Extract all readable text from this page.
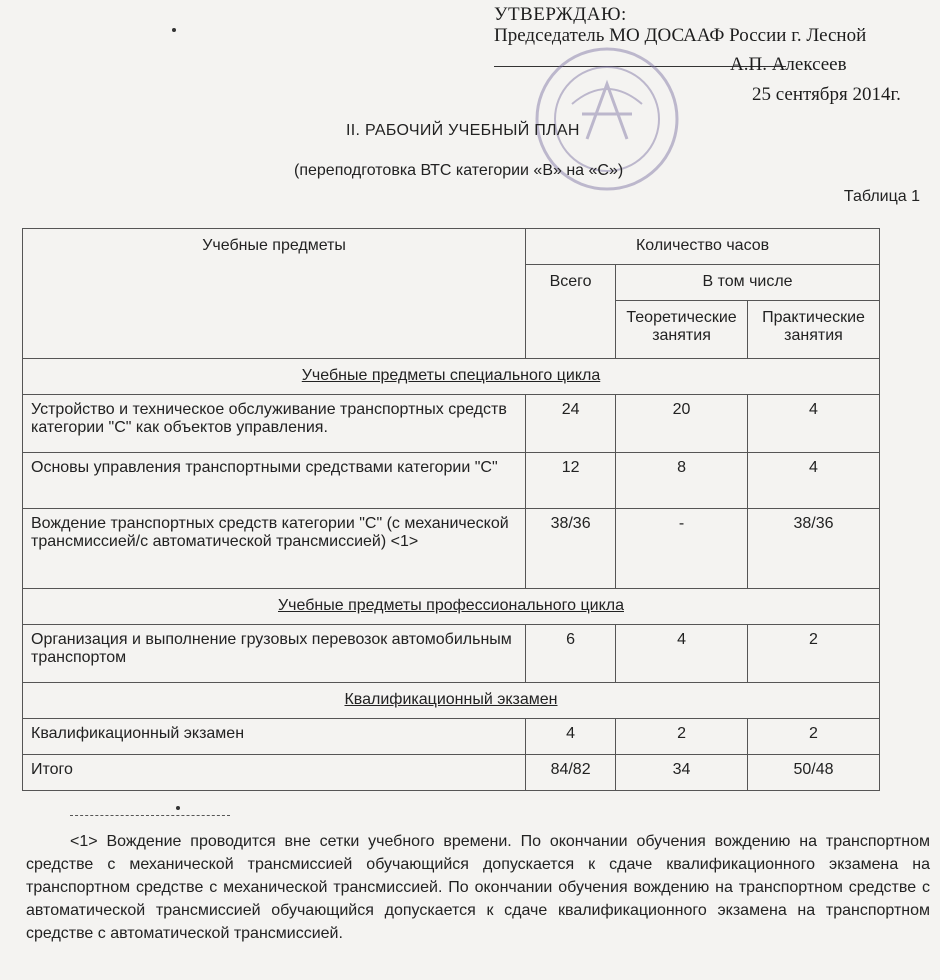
УТВЕРЖДАЮ:
Председатель МО ДОСААФ России г. Лесной
А.П. Алексеев
25 сентября 2014г.
II. РАБОЧИЙ УЧЕБНЫЙ ПЛАН
(переподготовка ВТС категории «В» на «С»)
Таблица 1
Учебные предметы	Количество часов		
	Всего	В том числе	
		Теоретические занятия	Практические занятия
Учебные предметы специального цикла			
Устройство и техническое обслуживание транспортных средств категории "С" как объектов управления.	24	20	4
Основы управления транспортными средствами категории "С"	12	8	4
Вождение транспортных средств категории "С" (с механической трансмиссией/с автоматической трансмиссией) <1>	38/36	-	38/36
Учебные предметы профессионального цикла			
Организация и выполнение грузовых перевозок автомобильным транспортом	6	4	2
Квалификационный экзамен			
Квалификационный экзамен	4	2	2
Итого	84/82	34	50/48
<1> Вождение проводится вне сетки учебного времени. По окончании обучения вождению на транспортном средстве с механической трансмиссией обучающийся допускается к сдаче квалификационного экзамена на транспортном средстве с механической трансмиссией. По окончании обучения вождению на транспортном средстве с автоматической трансмиссией обучающийся допускается к сдаче квалификационного экзамена на транспортном средстве с автоматической трансмиссией.
